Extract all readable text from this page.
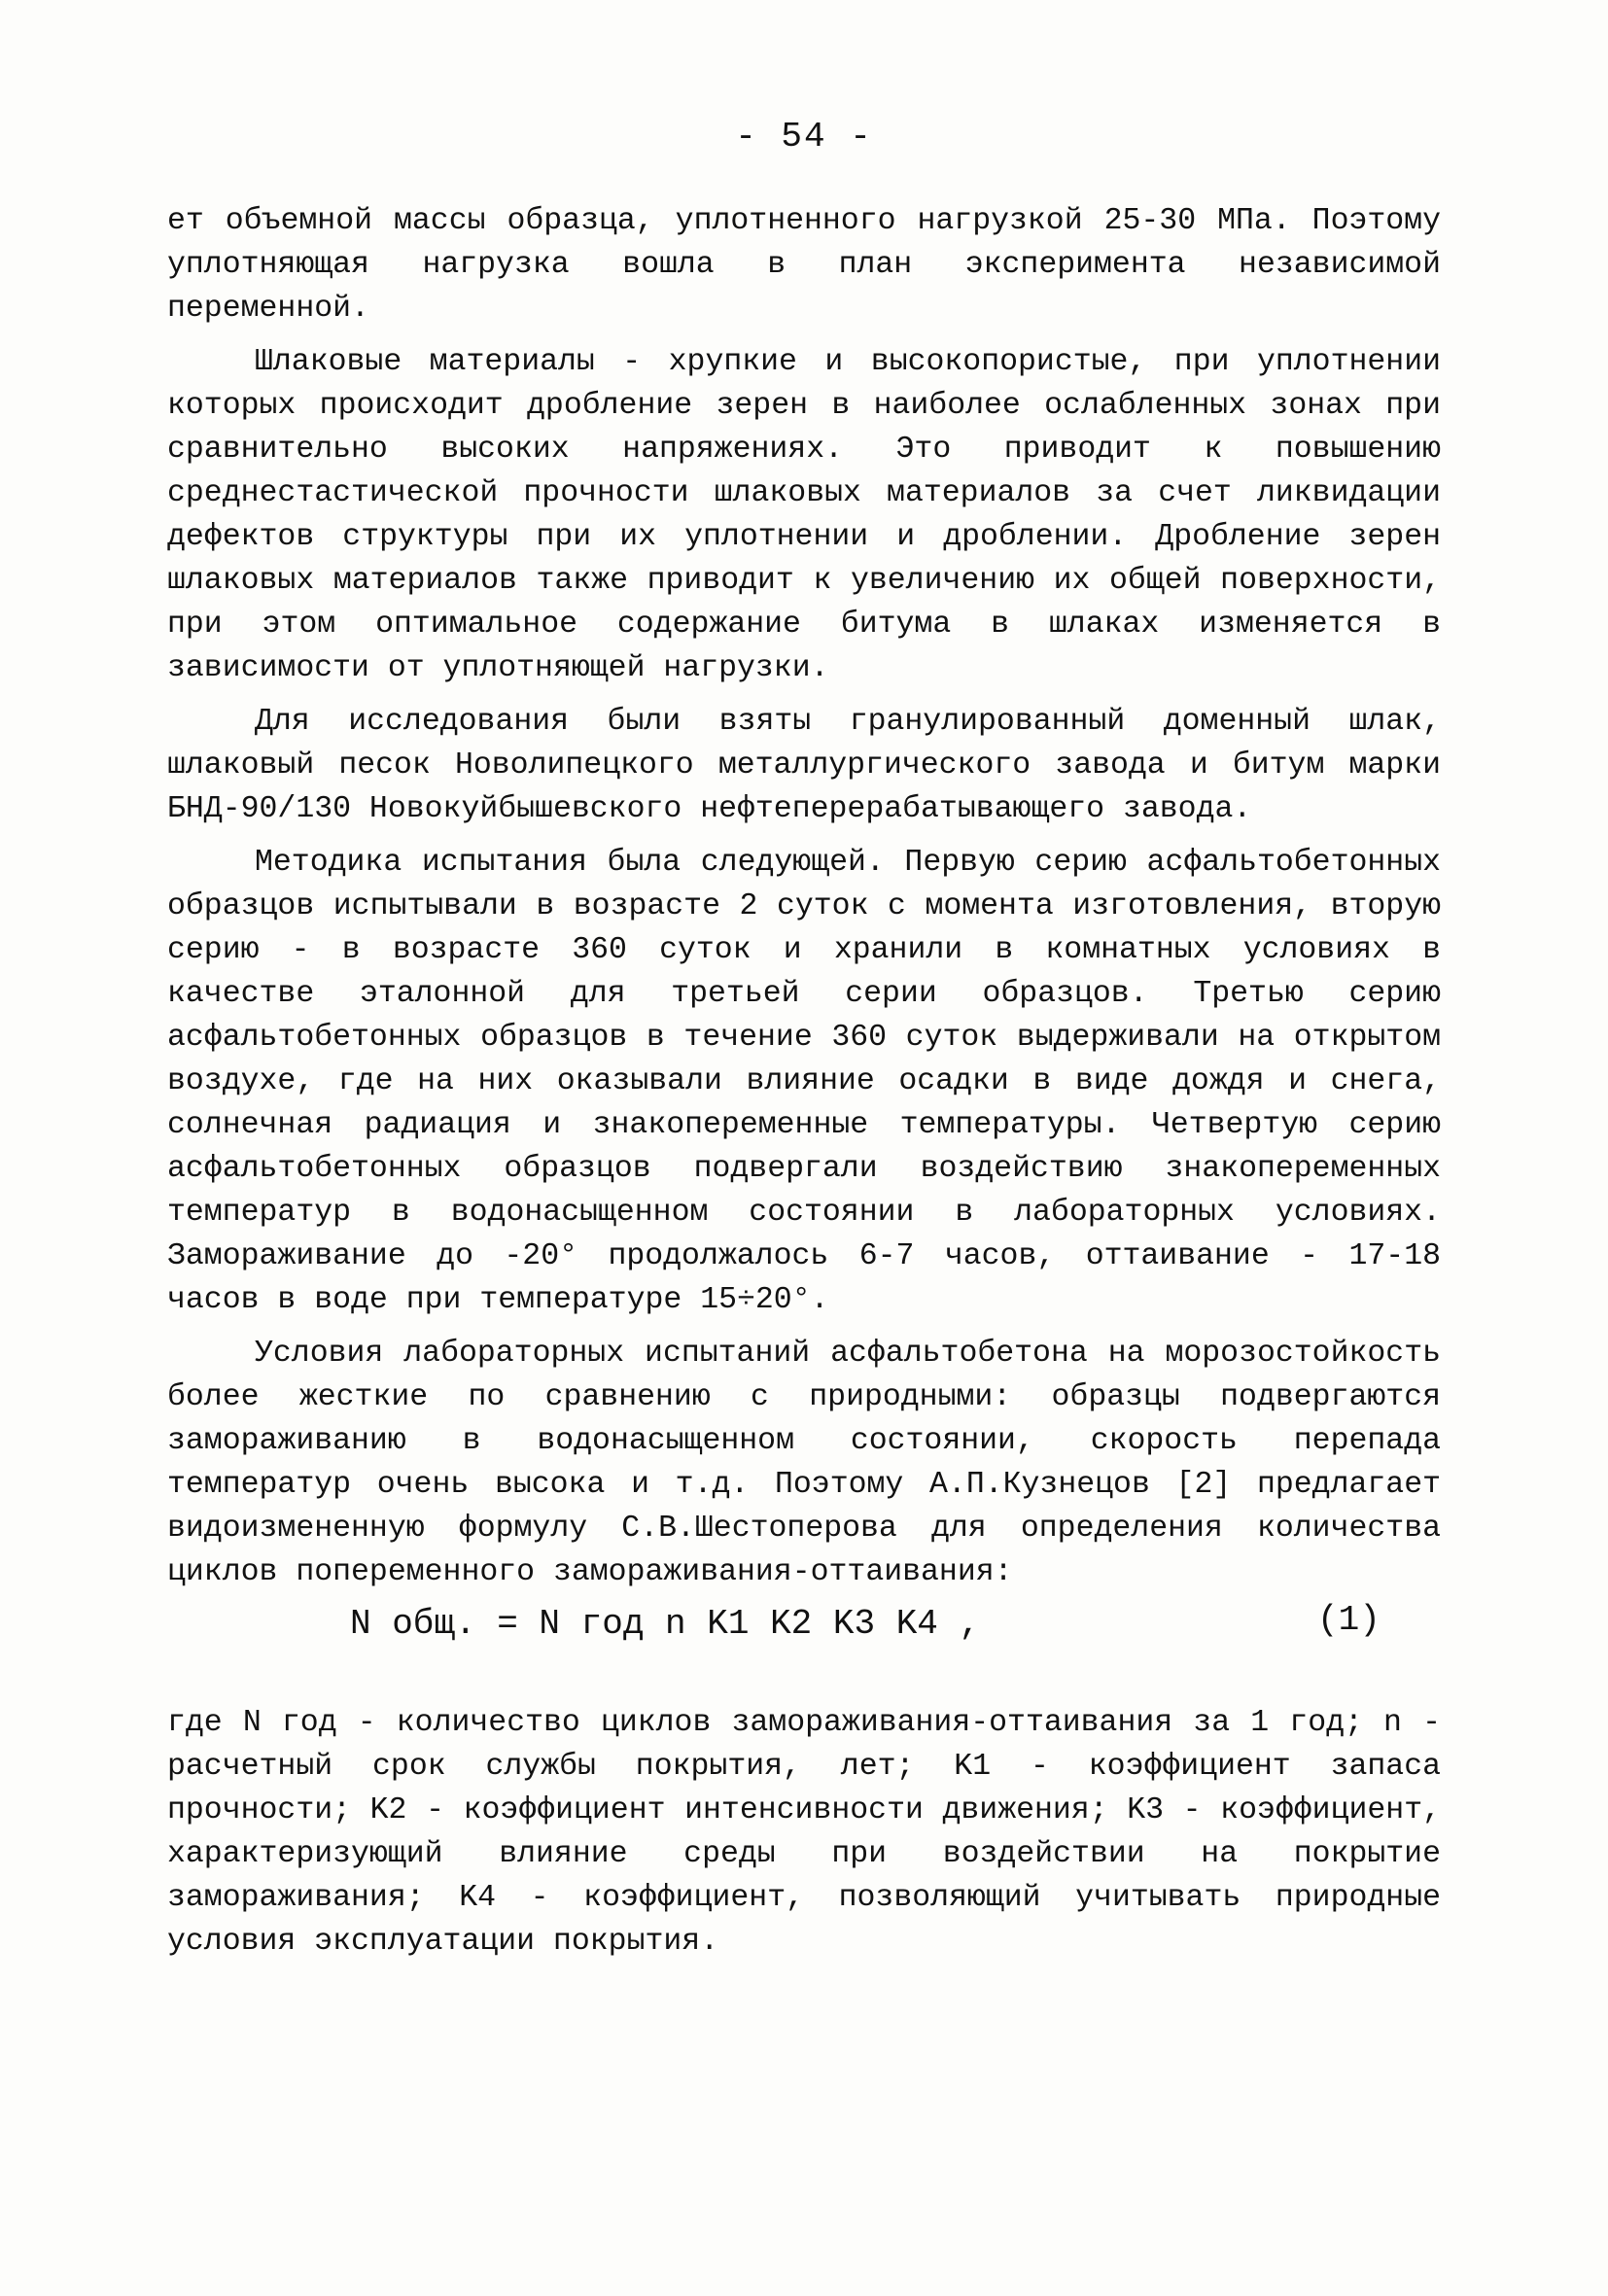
- 54 -

ет объемной массы образца, уплотненного нагрузкой 25-30 МПа. Поэтому уплотняющая нагрузка вошла в план эксперимента независимой переменной.

Шлаковые материалы - хрупкие и высокопористые, при уплотнении которых происходит дробление зерен в наиболее ослабленных зонах при сравнительно высоких напряжениях. Это приводит к повышению среднестастической прочности шлаковых материалов за счет ликвидации дефектов структуры при их уплотнении и дроблении. Дробление зерен шлаковых материалов также приводит к увеличению их общей поверхности, при этом оптимальное содержание битума в шлаках изменяется в зависимости от уплотняющей нагрузки.

Для исследования были взяты гранулированный доменный шлак, шлаковый песок Новолипецкого металлургического завода и битум марки БНД-90/130 Новокуйбышевского нефтеперерабатывающего завода.

Методика испытания была следующей. Первую серию асфальтобетонных образцов испытывали в возрасте 2 суток с момента изготовления, вторую серию - в возрасте 360 суток и хранили в комнатных условиях в качестве эталонной для третьей серии образцов. Третью серию асфальтобетонных образцов в течение 360 суток выдерживали на открытом воздухе, где на них оказывали влияние осадки в виде дождя и снега, солнечная радиация и знакопеременные температуры. Четвертую серию асфальтобетонных образцов подвергали воздействию знакопеременных температур в водонасыщенном состоянии в лабораторных условиях. Замораживание до -20° продолжалось 6-7 часов, оттаивание - 17-18 часов в воде при температуре 15÷20°.

Условия лабораторных испытаний асфальтобетона на морозостойкость более жесткие по сравнению с природными: образцы подвергаются замораживанию в водонасыщенном состоянии, скорость перепада температур очень высока и т.д. Поэтому А.П.Кузнецов [2] предлагает видоизмененную формулу С.В.Шестоперова для определения количества циклов попеременного замораживания-оттаивания:

N общ. = N год n K1 K2 K3 K4 ,	(1)

где N год - количество циклов замораживания-оттаивания за 1 год; n - расчетный срок службы покрытия, лет; K1 - коэффициент запаса прочности; K2 - коэффициент интенсивности движения; K3 - коэффициент, характеризующий влияние среды при воздействии на покрытие замораживания; K4 - коэффициент, позволяющий учитывать природные условия эксплуатации покрытия.
